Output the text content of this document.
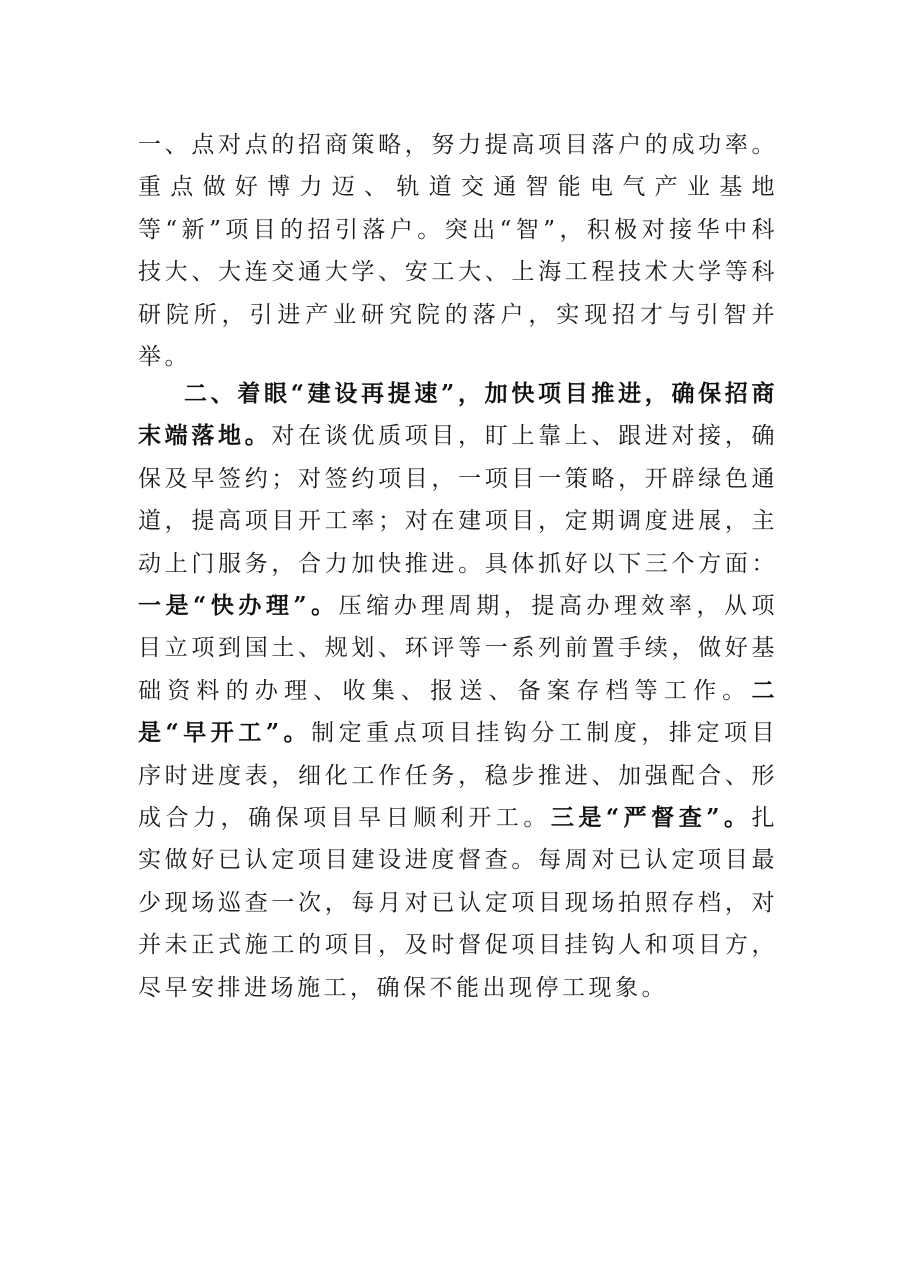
一、点对点的招商策略，努力提高项目落户的成功率。重点做好博力迈、轨道交通智能电气产业基地等“新”项目的招引落户。突出“智”，积极对接华中科技大、大连交通大学、安工大、上海工程技术大学等科研院所，引进产业研究院的落户，实现招才与引智并举。

二、着眼“建设再提速”，加快项目推进，确保招商末端落地。对在谈优质项目，盯上靠上、跟进对接，确保及早签约；对签约项目，一项目一策略，开辟绿色通道，提高项目开工率；对在建项目，定期调度进展，主动上门服务，合力加快推进。具体抓好以下三个方面：一是“快办理”。压缩办理周期，提高办理效率，从项目立项到国土、规划、环评等一系列前置手续，做好基础资料的办理、收集、报送、备案存档等工作。二是“早开工”。制定重点项目挂钩分工制度，排定项目序时进度表，细化工作任务，稳步推进、加强配合、形成合力，确保项目早日顺利开工。三是“严督查”。扎实做好已认定项目建设进度督查。每周对已认定项目最少现场巡查一次，每月对已认定项目现场拍照存档，对并未正式施工的项目，及时督促项目挂钩人和项目方，尽早安排进场施工，确保不能出现停工现象。
